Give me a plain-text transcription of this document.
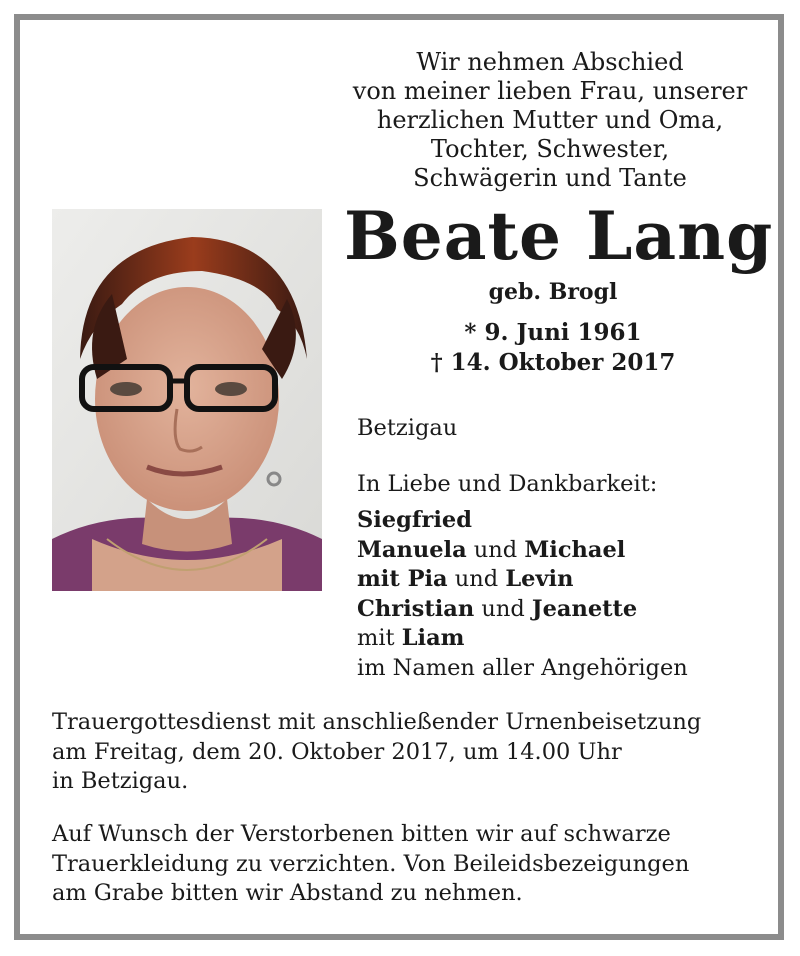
Wir nehmen Abschied
von meiner lieben Frau, unserer
herzlichen Mutter und Oma,
Tochter, Schwester,
Schwägerin und Tante
Beate Lang
geb. Brogl
* 9. Juni 1961
† 14. Oktober 2017
Betzigau
In Liebe und Dankbarkeit:
Siegfried
Manuela und Michael
mit Pia und Levin
Christian und Jeanette
mit Liam
im Namen aller Angehörigen
Trauergottesdienst mit anschließender Urnenbeisetzung
am Freitag, dem 20. Oktober 2017, um 14.00 Uhr
in Betzigau.
Auf Wunsch der Verstorbenen bitten wir auf schwarze
Trauerkleidung zu verzichten. Von Beileidsbezeigungen
am Grabe bitten wir Abstand zu nehmen.
